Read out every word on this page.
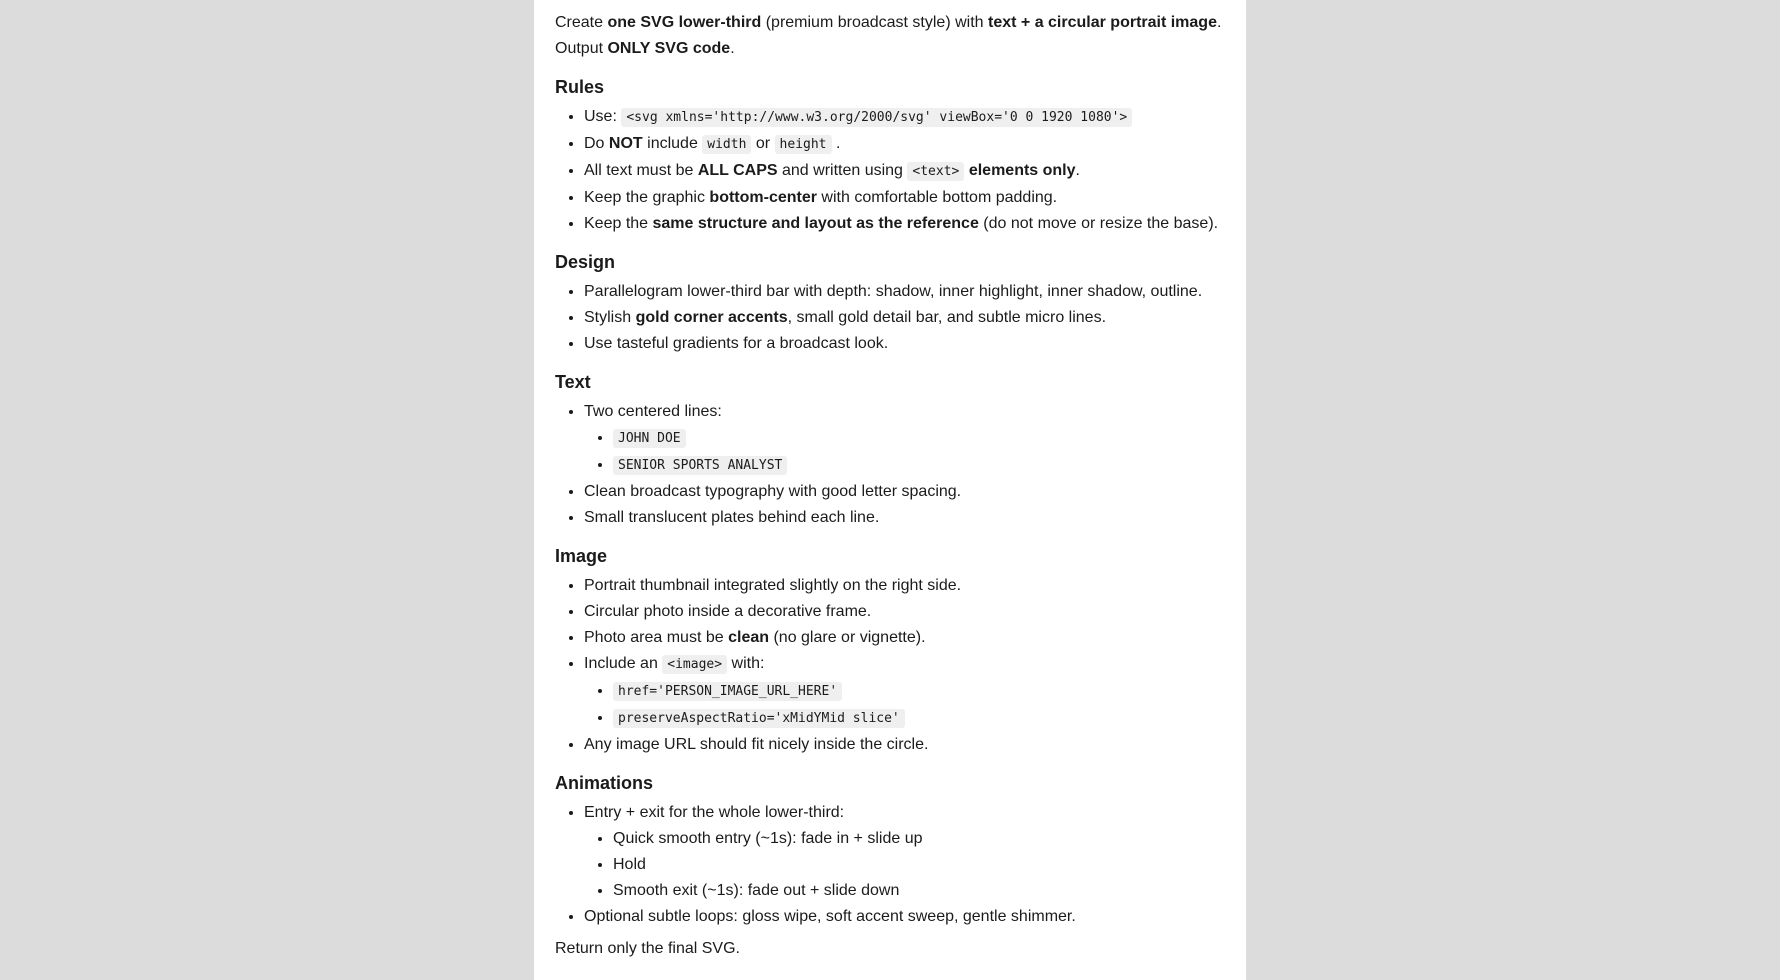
Create one SVG lower-third (premium broadcast style) with text + a circular portrait image. Output ONLY SVG code.

Rules
• Use: <svg xmlns='http://www.w3.org/2000/svg' viewBox='0 0 1920 1080'>
• Do NOT include width or height .
• All text must be ALL CAPS and written using <text> elements only.
• Keep the graphic bottom-center with comfortable bottom padding.
• Keep the same structure and layout as the reference (do not move or resize the base).
Design
• Parallelogram lower-third bar with depth: shadow, inner highlight, inner shadow, outline.
• Stylish gold corner accents, small gold detail bar, and subtle micro lines.
• Use tasteful gradients for a broadcast look.
Text
• Two centered lines:
• JOHN DOE
• SENIOR SPORTS ANALYST
• Clean broadcast typography with good letter spacing.
• Small translucent plates behind each line.
Image
• Portrait thumbnail integrated slightly on the right side.
• Circular photo inside a decorative frame.
• Photo area must be clean (no glare or vignette).
• Include an <image> with:
• href='PERSON_IMAGE_URL_HERE'
• preserveAspectRatio='xMidYMid slice'
• Any image URL should fit nicely inside the circle.
Animations
• Entry + exit for the whole lower-third:
• Quick smooth entry (~1s): fade in + slide up
• Hold
• Smooth exit (~1s): fade out + slide down
• Optional subtle loops: gloss wipe, soft accent sweep, gentle shimmer.

Return only the final SVG.
